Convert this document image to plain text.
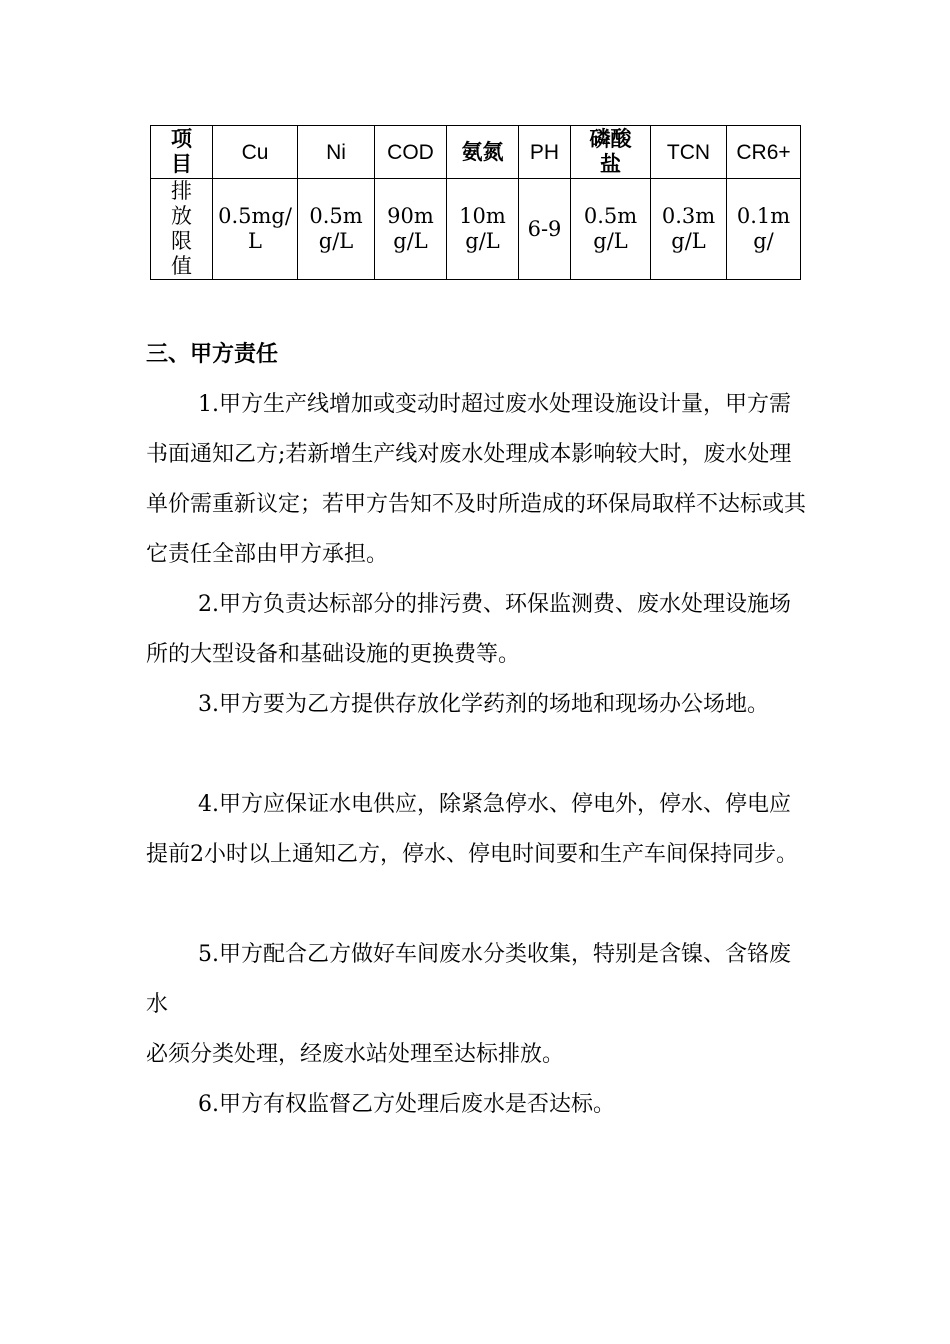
项目	Cu	Ni	COD	氨氮	PH	磷酸盐	TCN	CR6+
排放限值	0.5mg/L	0.5mg/L	90mg/L	10mg/L	6-9	0.5mg/L	0.3mg/L	0.1mg/
三、甲方责任

1.甲方生产线增加或变动时超过废水处理设施设计量，甲方需书面通知乙方;若新增生产线对废水处理成本影响较大时，废水处理单价需重新议定；若甲方告知不及时所造成的环保局取样不达标或其它责任全部由甲方承担。

2.甲方负责达标部分的排污费、环保监测费、废水处理设施场所的大型设备和基础设施的更换费等。

3.甲方要为乙方提供存放化学药剂的场地和现场办公场地。

4.甲方应保证水电供应，除紧急停水、停电外，停水、停电应提前2小时以上通知乙方，停水、停电时间要和生产车间保持同步。

5.甲方配合乙方做好车间废水分类收集，特别是含镍、含铬废水

必须分类处理，经废水站处理至达标排放。

6.甲方有权监督乙方处理后废水是否达标。
